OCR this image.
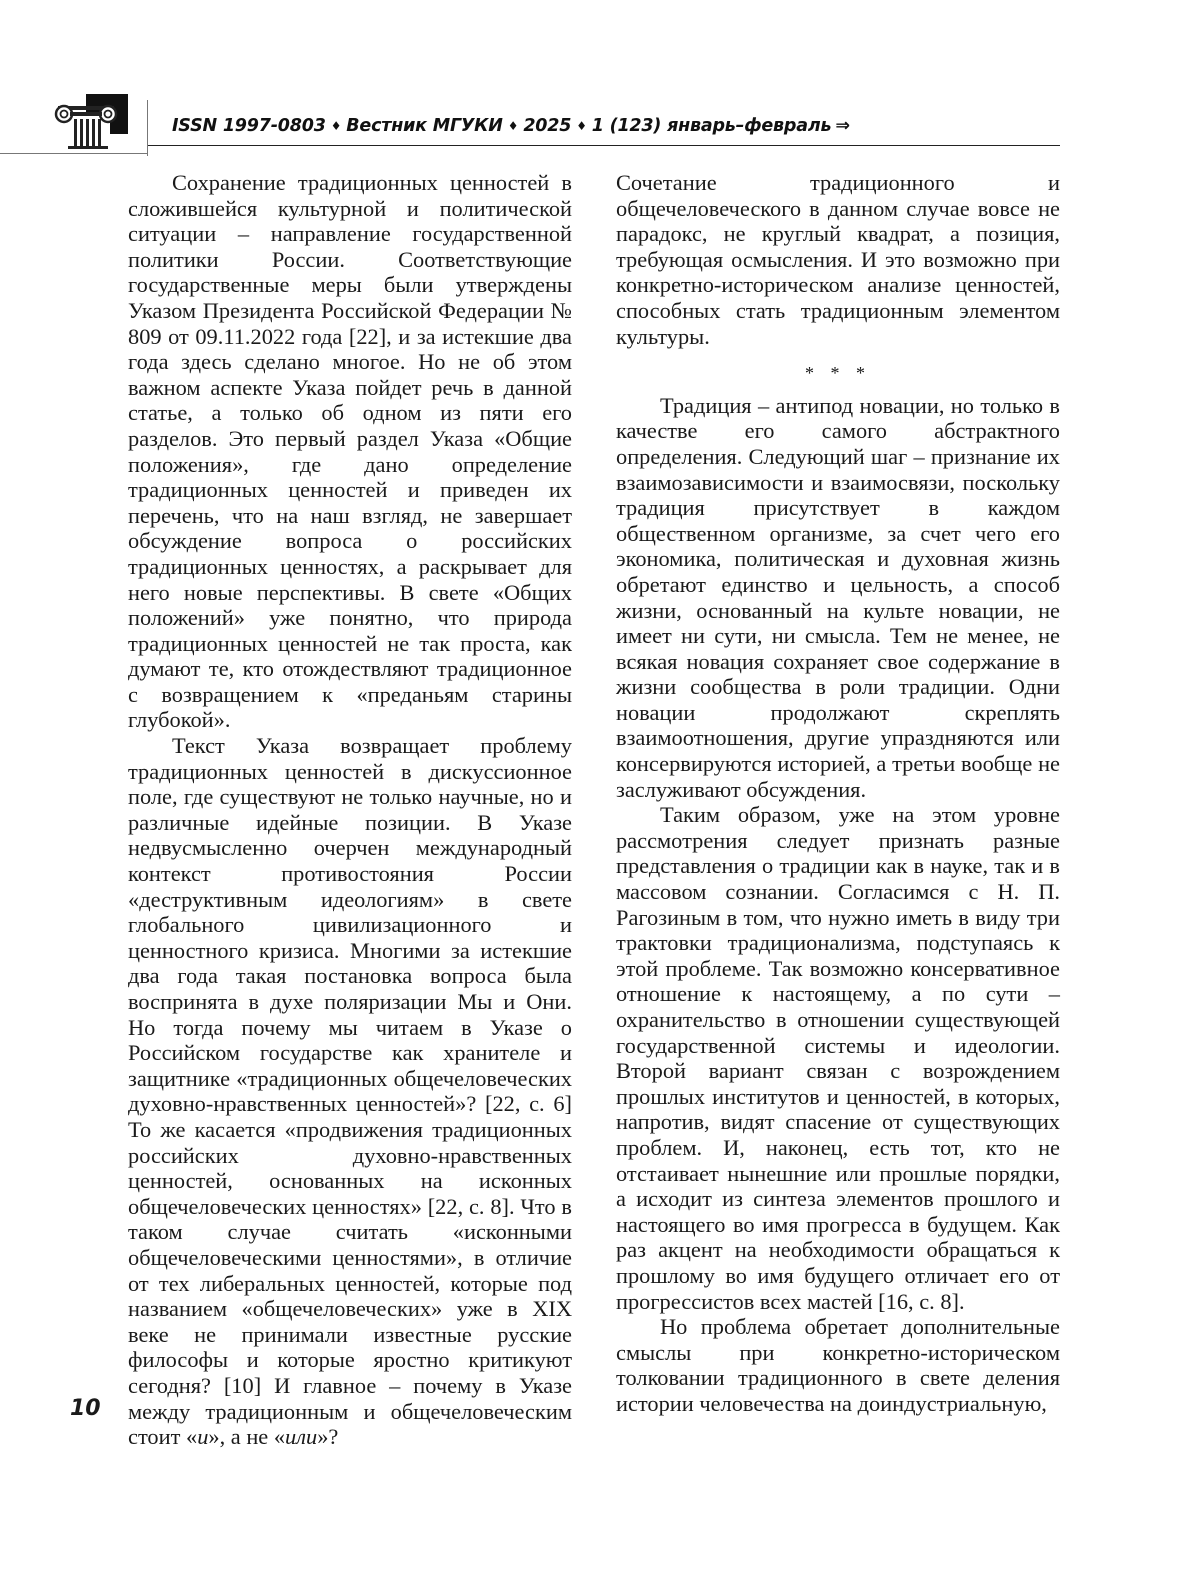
ISSN 1997-0803 ♦ Вестник МГУКИ ♦ 2025 ♦ 1 (123) январь–февраль ⇒

Сохранение традиционных ценностей в сложившейся культурной и политической ситуации – направление государственной политики России. Соответствующие государственные меры были утверждены Указом Президента Российской Федерации № 809 от 09.11.2022 года [22], и за истекшие два года здесь сделано многое. Но не об этом важном аспекте Указа пойдет речь в данной статье, а только об одном из пяти его разделов. Это первый раздел Указа «Общие положения», где дано определение традиционных ценностей и приведен их перечень, что на наш взгляд, не завершает обсуждение вопроса о российских традиционных ценностях, а раскрывает для него новые перспективы. В свете «Общих положений» уже понятно, что природа традиционных ценностей не так проста, как думают те, кто отождествляют традиционное с возвращением к «преданьям старины глубокой».

Текст Указа возвращает проблему традиционных ценностей в дискуссионное поле, где существуют не только научные, но и различные идейные позиции. В Указе недвусмысленно очерчен международный контекст противостояния России «деструктивным идеологиям» в свете глобального цивилизационного и ценностного кризиса. Многими за истекшие два года такая постановка вопроса была воспринята в духе поляризации Мы и Они. Но тогда почему мы читаем в Указе о Российском государстве как хранителе и защитнике «традиционных общечеловеческих духовно-нравственных ценностей»? [22, с. 6] То же касается «продвижения традиционных российских духовно-нравственных ценностей, основанных на исконных общечеловеческих ценностях» [22, с. 8]. Что в таком случае считать «исконными общечеловеческими ценностями», в отличие от тех либеральных ценностей, которые под названием «общечеловеческих» уже в XIX веке не принимали известные русские философы и которые яростно критикуют сегодня? [10] И главное – почему в Указе между традиционным и общечеловеческим стоит «и», а не «или»?

Сочетание традиционного и общечеловеческого в данном случае вовсе не парадокс, не круглый квадрат, а позиция, требующая осмысления. И это возможно при конкретно-историческом анализе ценностей, способных стать традиционным элементом культуры.

* * *

Традиция – антипод новации, но только в качестве его самого абстрактного определения. Следующий шаг – признание их взаимозависимости и взаимосвязи, поскольку традиция присутствует в каждом общественном организме, за счет чего его экономика, политическая и духовная жизнь обретают единство и цельность, а способ жизни, основанный на культе новации, не имеет ни сути, ни смысла. Тем не менее, не всякая новация сохраняет свое содержание в жизни сообщества в роли традиции. Одни новации продолжают скреплять взаимоотношения, другие упраздняются или консервируются историей, а третьи вообще не заслуживают обсуждения.

Таким образом, уже на этом уровне рассмотрения следует признать разные представления о традиции как в науке, так и в массовом сознании. Согласимся с Н. П. Рагозиным в том, что нужно иметь в виду три трактовки традиционализма, подступаясь к этой проблеме. Так возможно консервативное отношение к настоящему, а по сути – охранительство в отношении существующей государственной системы и идеологии. Второй вариант связан с возрождением прошлых институтов и ценностей, в которых, напротив, видят спасение от существующих проблем. И, наконец, есть тот, кто не отстаивает нынешние или прошлые порядки, а исходит из синтеза элементов прошлого и настоящего во имя прогресса в будущем. Как раз акцент на необходимости обращаться к прошлому во имя будущего отличает его от прогрессистов всех мастей [16, с. 8].

Но проблема обретает дополнительные смыслы при конкретно-историческом толковании традиционного в свете деления истории человечества на доиндустриальную,

10
